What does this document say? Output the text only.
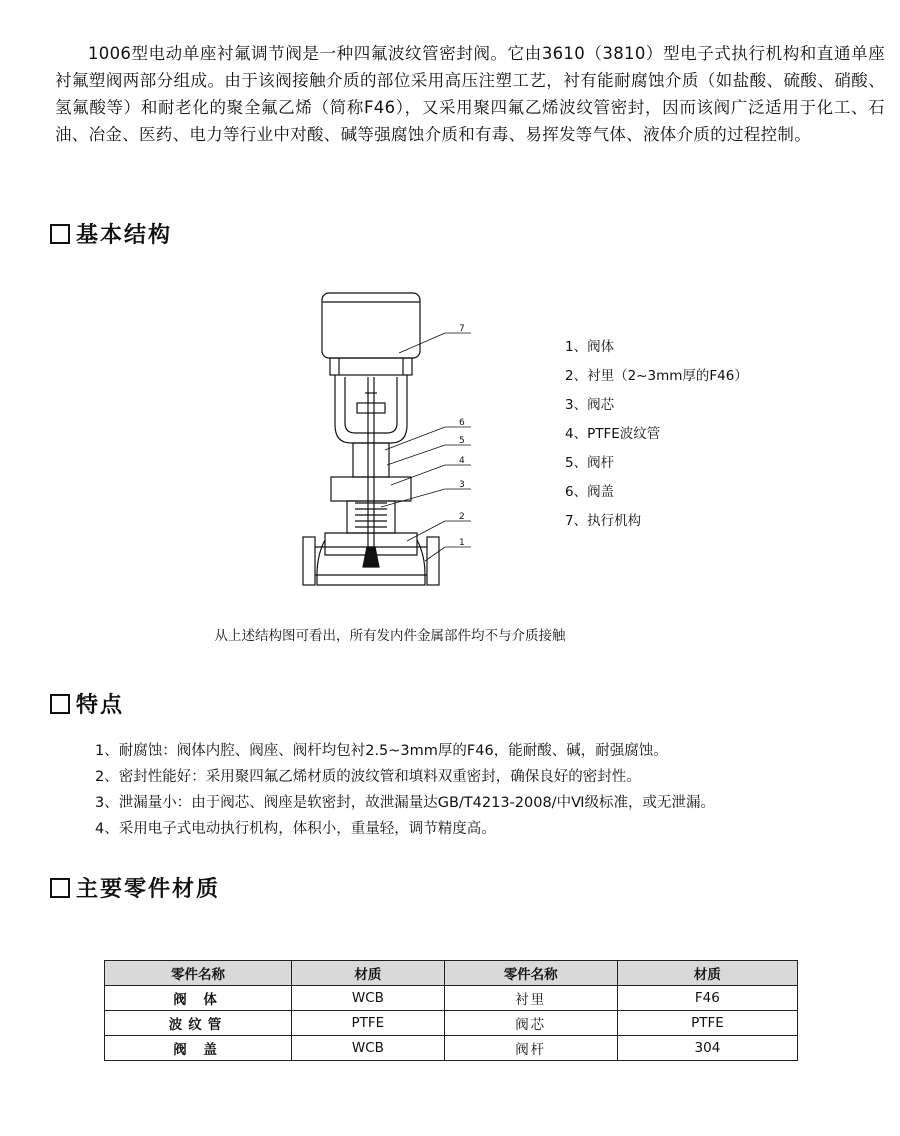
1006型电动单座衬氟调节阀是一种四氟波纹管密封阀。它由3610（3810）型电子式执行机构和直通单座衬氟塑阀两部分组成。由于该阀接触介质的部位采用高压注塑工艺，衬有能耐腐蚀介质（如盐酸、硫酸、硝酸、氢氟酸等）和耐老化的聚全氟乙烯（简称F46），又采用聚四氟乙烯波纹管密封，因而该阀广泛适用于化工、石油、冶金、医药、电力等行业中对酸、碱等强腐蚀介质和有毒、易挥发等气体、液体介质的过程控制。

基本结构
7
6
5
4
3
2
1
1、阀体
2、衬里（2~3mm厚的F46）
3、阀芯
4、PTFE波纹管
5、阀杆
6、阀盖
7、执行机构

从上述结构图可看出，所有发内件金属部件均不与介质接触

特点
1、耐腐蚀：阀体内腔、阀座、阀杆均包衬2.5~3mm厚的F46，能耐酸、碱，耐强腐蚀。
2、密封性能好：采用聚四氟乙烯材质的波纹管和填料双重密封，确保良好的密封性。
3、泄漏量小：由于阀芯、阀座是软密封，故泄漏量达GB/T4213-2008/中Ⅵ级标准，或无泄漏。
4、采用电子式电动执行机构，体积小，重量轻，调节精度高。
主要零件材质
零件名称	材质	零件名称	材质
阀 体	WCB	衬里	F46
波纹管	PTFE	阀芯	PTFE
阀 盖	WCB	阀杆	304
